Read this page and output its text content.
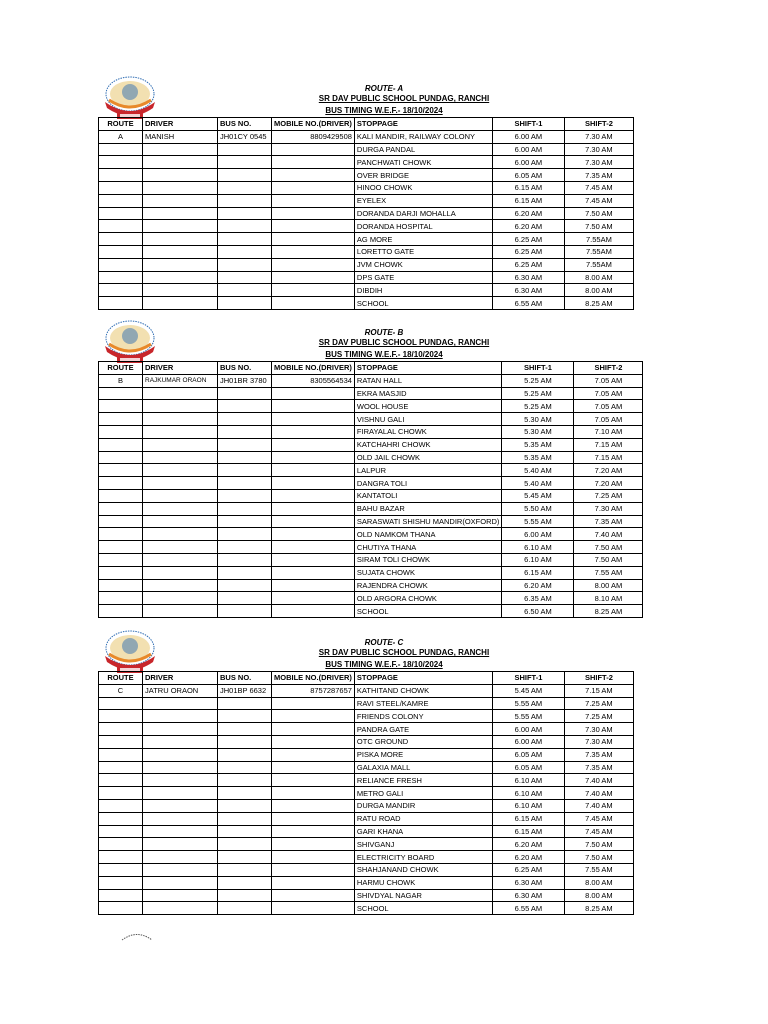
ROUTE- A
SR DAV PUBLIC SCHOOL PUNDAG, RANCHI
BUS TIMING W.E.F.- 18/10/2024
ROUTE	DRIVER	BUS NO.	MOBILE NO.(DRIVER)	STOPPAGE	SHIFT-1	SHIFT-2
A	MANISH	JH01CY 0545	8809429508	KALI MANDIR, RAILWAY COLONY	6.00 AM	7.30 AM
				DURGA PANDAL	6.00 AM	7.30 AM
				PANCHWATI CHOWK	6.00 AM	7.30 AM
				OVER BRIDGE	6.05 AM	7.35 AM
				HINOO CHOWK	6.15 AM	7.45 AM
				EYELEX	6.15 AM	7.45 AM
				DORANDA DARJI MOHALLA	6.20 AM	7.50 AM
				DORANDA HOSPITAL	6.20 AM	7.50 AM
				AG MORE	6.25 AM	7.55AM
				LORETTO GATE	6.25 AM	7.55AM
				JVM CHOWK	6.25 AM	7.55AM
				DPS GATE	6.30 AM	8.00 AM
				DIBDIH	6.30 AM	8.00 AM
				SCHOOL	6.55 AM	8.25 AM
ROUTE- B
SR DAV PUBLIC SCHOOL PUNDAG, RANCHI
BUS TIMING W.E.F.- 18/10/2024
ROUTE	DRIVER	BUS NO.	MOBILE NO.(DRIVER)	STOPPAGE	SHIFT-1	SHIFT-2
B	RAJKUMAR ORAON	JH01BR 3780	8305564534	RATAN HALL	5.25 AM	7.05 AM
				EKRA MASJID	5.25 AM	7.05 AM
				WOOL HOUSE	5.25 AM	7.05 AM
				VISHNU GALI	5.30 AM	7.05 AM
				FIRAYALAL CHOWK	5.30 AM	7.10 AM
				KATCHAHRI CHOWK	5.35 AM	7.15 AM
				OLD JAIL CHOWK	5.35 AM	7.15 AM
				LALPUR	5.40 AM	7.20 AM
				DANGRA TOLI	5.40 AM	7.20 AM
				KANTATOLI	5.45 AM	7.25 AM
				BAHU BAZAR	5.50 AM	7.30 AM
				SARASWATI SHISHU MANDIR(OXFORD)	5.55 AM	7.35 AM
				OLD NAMKOM THANA	6.00 AM	7.40 AM
				CHUTIYA THANA	6.10 AM	7.50 AM
				SIRAM TOLI CHOWK	6.10 AM	7.50 AM
				SUJATA CHOWK	6.15 AM	7.55 AM
				RAJENDRA CHOWK	6.20 AM	8.00 AM
				OLD ARGORA CHOWK	6.35 AM	8.10 AM
				SCHOOL	6.50 AM	8.25 AM
ROUTE- C
SR DAV PUBLIC SCHOOL PUNDAG, RANCHI
BUS TIMING W.E.F.- 18/10/2024
ROUTE	DRIVER	BUS NO.	MOBILE NO.(DRIVER)	STOPPAGE	SHIFT-1	SHIFT-2
C	JATRU ORAON	JH01BP 6632	8757287657	KATHITAND CHOWK	5.45 AM	7.15 AM
				RAVI STEEL/KAMRE	5.55 AM	7.25 AM
				FRIENDS COLONY	5.55 AM	7.25 AM
				PANDRA GATE	6.00 AM	7.30 AM
				OTC GROUND	6.00 AM	7.30 AM
				PISKA MORE	6.05 AM	7.35 AM
				GALAXIA MALL	6.05 AM	7.35 AM
				RELIANCE FRESH	6.10 AM	7.40 AM
				METRO GALI	6.10 AM	7.40 AM
				DURGA MANDIR	6.10 AM	7.40 AM
				RATU ROAD	6.15 AM	7.45 AM
				GARI KHANA	6.15 AM	7.45 AM
				SHIVGANJ	6.20 AM	7.50 AM
				ELECTRICITY BOARD	6.20 AM	7.50 AM
				SHAHJANAND CHOWK	6.25 AM	7.55 AM
				HARMU CHOWK	6.30 AM	8.00 AM
				SHIVDYAL NAGAR	6.30 AM	8.00 AM
				SCHOOL	6.55 AM	8.25 AM
